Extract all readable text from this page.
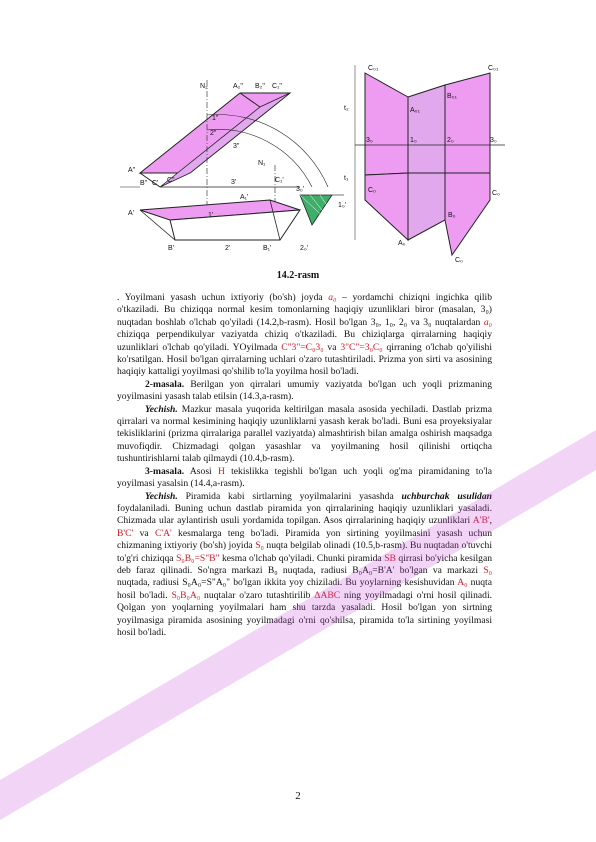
N₂	A₂" B₂" C₁"
1"
2"
3"
A"
B" C' C"
N₁
3'	C₁'
A₁'
A'	1'
B'	2'	B₁'	2₀'
3₀'
1₀'
C₀₁	C₀₁
A₀₁
B₀₁
t₂
t₁
3₀	1₀	2₀	3₀
C₀	C₀
B₀
A₀
C₀
14.2-rasm

. Yoyilmani yasash uchun ixtiyoriy (bo'sh) joyda a₀ – yordamchi chiziqni ingichka qilib o'tkaziladi. Bu chiziqqa normal kesim tomonlarning haqiqiy uzunliklari biror (masalan, 3₀) nuqtadan boshlab o'lchab qo'yiladi (14.2,b-rasm). Hosil bo'lgan 3₀, 1₀, 2₀ va 3₀ nuqtalardan a₀ chiziqqa perpendikulyar vaziyatda chiziq o'tkaziladi. Bu chiziqlarga qirralarning haqiqiy uzunliklari o'lchab qo'yiladi. YOyilmada C"3"=C₀3₀ va 3"C"=3₀C₀ qirraning o'lchab qo'yilishi ko'rsatilgan. Hosil bo'lgan qirralarning uchlari o'zaro tutashtiriladi. Prizma yon sirti va asosining haqiqiy kattaligi yoyilmasi qo'shilib to'la yoyilma hosil bo'ladi.

2-masala. Berilgan yon qirralari umumiy vaziyatda bo'lgan uch yoqli prizmaning yoyilmasini yasash talab etilsin (14.3,a-rasm).

Yechish. Mazkur masala yuqorida keltirilgan masala asosida yechiladi. Dastlab prizma qirralari va normal kesimining haqiqiy uzunliklarni yasash kerak bo'ladi. Buni esa proyeksiyalar tekisliklarini (prizma qirralariga parallel vaziyatda) almashtirish bilan amalga oshirish maqsadga muvofiqdir. Chizmadagi qolgan yasashlar va yoyilmaning hosil qilinishi ortiqcha tushuntirishlarni talab qilmaydi (10.4,b-rasm).

3-masala. Asosi H tekislikka tegishli bo'lgan uch yoqli og'ma piramidaning to'la yoyilmasi yasalsin (14.4,a-rasm).

Yechish. Piramida kabi sirtlarning yoyilmalarini yasashda uchburchak usulidan foydalaniladi. Buning uchun dastlab piramida yon qirralarining haqiqiy uzunliklari yasaladi. Chizmada ular aylantirish usuli yordamida topilgan. Asos qirralarining haqiqiy uzunliklari A'B', B'C' va C'A' kesmalarga teng bo'ladi. Piramida yon sirtining yoyilmasini yasash uchun chizmaning ixtiyoriy (bo'sh) joyida S₀ nuqta belgilab olinadi (10.5,b-rasm). Bu nuqtadan o'tuvchi to'g'ri chiziqqa S₀B₀=S"B" kesma o'lchab qo'yiladi. Chunki piramida SB qirrasi bo'yicha kesilgan deb faraz qilinadi. So'ngra markazi B₀ nuqtada, radiusi B₀A₀=B'A' bo'lgan va markazi S₀ nuqtada, radiusi S₀A₀=S"A₀" bo'lgan ikkita yoy chiziladi. Bu yoylarning kesishuvidan A₀ nuqta hosil bo'ladi. S₀B₀A₀ nuqtalar o'zaro tutashtirilib ΔABC ning yoyilmadagi o'rni hosil qilinadi. Qolgan yon yoqlarning yoyilmalari ham shu tarzda yasaladi. Hosil bo'lgan yon sirtning yoyilmasiga piramida asosining yoyilmadagi o'rni qo'shilsa, piramida to'la sirtining yoyilmasi hosil bo'ladi.

2
